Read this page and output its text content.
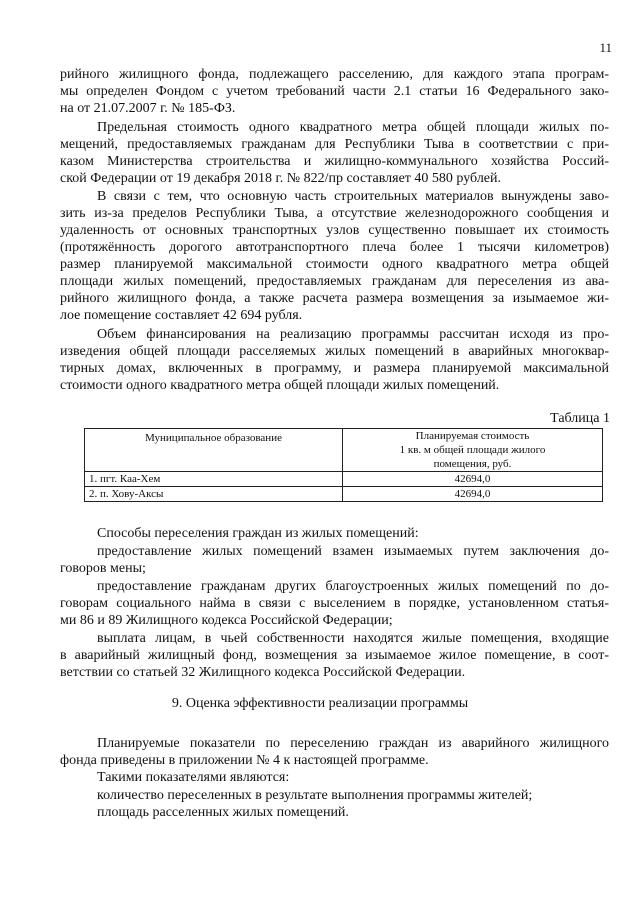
11

рийного жилищного фонда, подлежащего расселению, для каждого этапа програм-
мы определен Фондом с учетом требований части 2.1 статьи 16 Федерального зако-
на от 21.07.2007 г. № 185-ФЗ.

Предельная стоимость одного квадратного метра общей площади жилых по-
мещений, предоставляемых гражданам для Республики Тыва в соответствии с при-
казом Министерства строительства и жилищно-коммунального хозяйства Россий-
ской Федерации от 19 декабря 2018 г. № 822/пр составляет 40 580 рублей.

В связи с тем, что основную часть строительных материалов вынуждены заво-
зить из-за пределов Республики Тыва, а отсутствие железнодорожного сообщения и
удаленность от основных транспортных узлов существенно повышает их стоимость
(протяжённость дорогого автотранспортного плеча более 1 тысячи километров)
размер планируемой максимальной стоимости одного квадратного метра общей
площади жилых помещений, предоставляемых гражданам для переселения из ава-
рийного жилищного фонда, а также расчета размера возмещения за изымаемое жи-
лое помещение составляет 42 694 рубля.

Объем финансирования на реализацию программы рассчитан исходя из про-
изведения общей площади расселяемых жилых помещений в аварийных многоквар-
тирных домах, включенных в программу, и размера планируемой максимальной
стоимости одного квадратного метра общей площади жилых помещений.

Таблица 1
Муниципальное образование	Планируемая стоимость
1 кв. м общей площади жилого
помещения, руб.

1. пгт. Каа-Хем	42694,0
2. п. Хову-Аксы	42694,0

Способы переселения граждан из жилых помещений:

предоставление жилых помещений взамен изымаемых путем заключения до-
говоров мены;

предоставление гражданам других благоустроенных жилых помещений по до-
говорам социального найма в связи с выселением в порядке, установленном статья-
ми 86 и 89 Жилищного кодекса Российской Федерации;

выплата лицам, в чьей собственности находятся жилые помещения, входящие
в аварийный жилищный фонд, возмещения за изымаемое жилое помещение, в соот-
ветствии со статьей 32 Жилищного кодекса Российской Федерации.

9. Оценка эффективности реализации программы

Планируемые показатели по переселению граждан из аварийного жилищного
фонда приведены в приложении № 4 к настоящей программе.

Такими показателями являются:

количество переселенных в результате выполнения программы жителей;

площадь расселенных жилых помещений.
